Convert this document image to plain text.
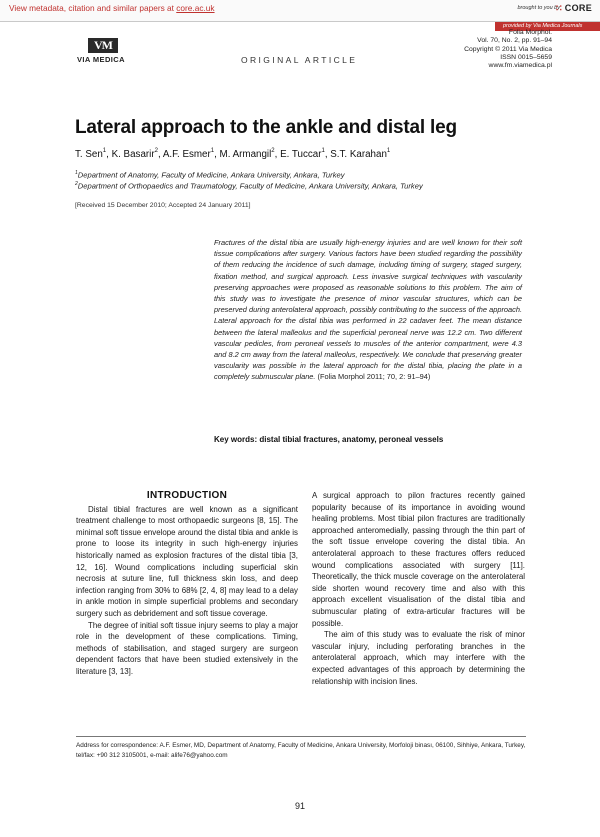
View metadata, citation and similar papers at core.ac.uk	brought to you by
∷ CORE
provided by Via Medica Journals
VM
VIA MEDICA	ORIGINAL ARTICLE
Folia Morphol.
Vol. 70, No. 2, pp. 91–94
Copyright © 2011 Via Medica
ISSN 0015–5659
www.fm.viamedica.pl
Lateral approach to the ankle and distal leg
T. Sen$^1$, K. Basarir$^2$, A.F. Esmer$^1$, M. Armangil$^2$, E. Tuccar$^1$, S.T. Karahan$^1$
$^1$Department of Anatomy, Faculty of Medicine, Ankara University, Ankara, Turkey
$^2$Department of Orthopaedics and Traumatology, Faculty of Medicine, Ankara University, Ankara, Turkey
[Received 15 December 2010; Accepted 24 January 2011]
Fractures of the distal tibia are usually high-energy injuries and are well known for their soft tissue complications after surgery. Various factors have been studied regarding the possibility of them reducing the incidence of such damage, including timing of surgery, staged surgery, fixation method, and surgical approach. Less invasive surgical techniques with vascularity preserving approaches were proposed as reasonable solutions to this problem. The aim of this study was to investigate the presence of minor vascular structures, which can be preserved during anterolateral approach, possibly contributing to the success of the approach. Lateral approach for the distal tibia was performed in 22 cadaver feet. The mean distance between the lateral malleolus and the superficial peroneal nerve was 12.2 cm. Two different vascular pedicles, from peroneal vessels to muscles of the anterior compartment, were 4.3 and 8.2 cm away from the lateral malleolus, respectively. We conclude that preserving greater vascularity was possible in the lateral approach for the distal tibia, placing the plate in a completely submuscular plane. (Folia Morphol 2011; 70, 2: 91–94)
Key words: distal tibial fractures, anatomy, peroneal vessels
INTRODUCTION

Distal tibial fractures are well known as a significant treatment challenge to most orthopaedic surgeons [8, 15]. The minimal soft tissue envelope around the distal tibia and ankle is prone to loose its integrity in such high-energy injuries historically named as explosion fractures of the distal tibia [3, 12, 16]. Wound complications including superficial skin necrosis at suture line, full thickness skin loss, and deep infection ranging from 30% to 68% [2, 4, 8] may lead to a delay in ankle motion in simple superficial problems and secondary surgery such as debridement and soft tissue coverage.

The degree of initial soft tissue injury seems to play a major role in the development of these complications. Timing, methods of stabilisation, and staged surgery are surgeon dependent factors that have been studied extensively in the literature [3, 13].

A surgical approach to pilon fractures recently gained popularity because of its importance in avoiding wound healing problems. Most tibial pilon fractures are traditionally approached anteromedially, passing through the thin part of the soft tissue envelope covering the distal tibia. An anterolateral approach to these fractures offers reduced wound complications associated with surgery [11]. Theoretically, the thick muscle coverage on the anterolateral side shorten wound recovery time and also with this approach excellent visualisation of the distal tibia and submuscular plating of extra-articular fractures will be possible.

The aim of this study was to evaluate the risk of minor vascular injury, including perforating branches in the anterolateral approach, which may interfere with the expected advantages of this approach by determining the relationship with incision lines.

Address for correspondence: A.F. Esmer, MD, Department of Anatomy, Faculty of Medicine, Ankara University, Morfoloji binası, 06100, Sihhiye, Ankara, Turkey, tel/fax: +90 312 3105001, e-mail: alife76@yahoo.com
91
